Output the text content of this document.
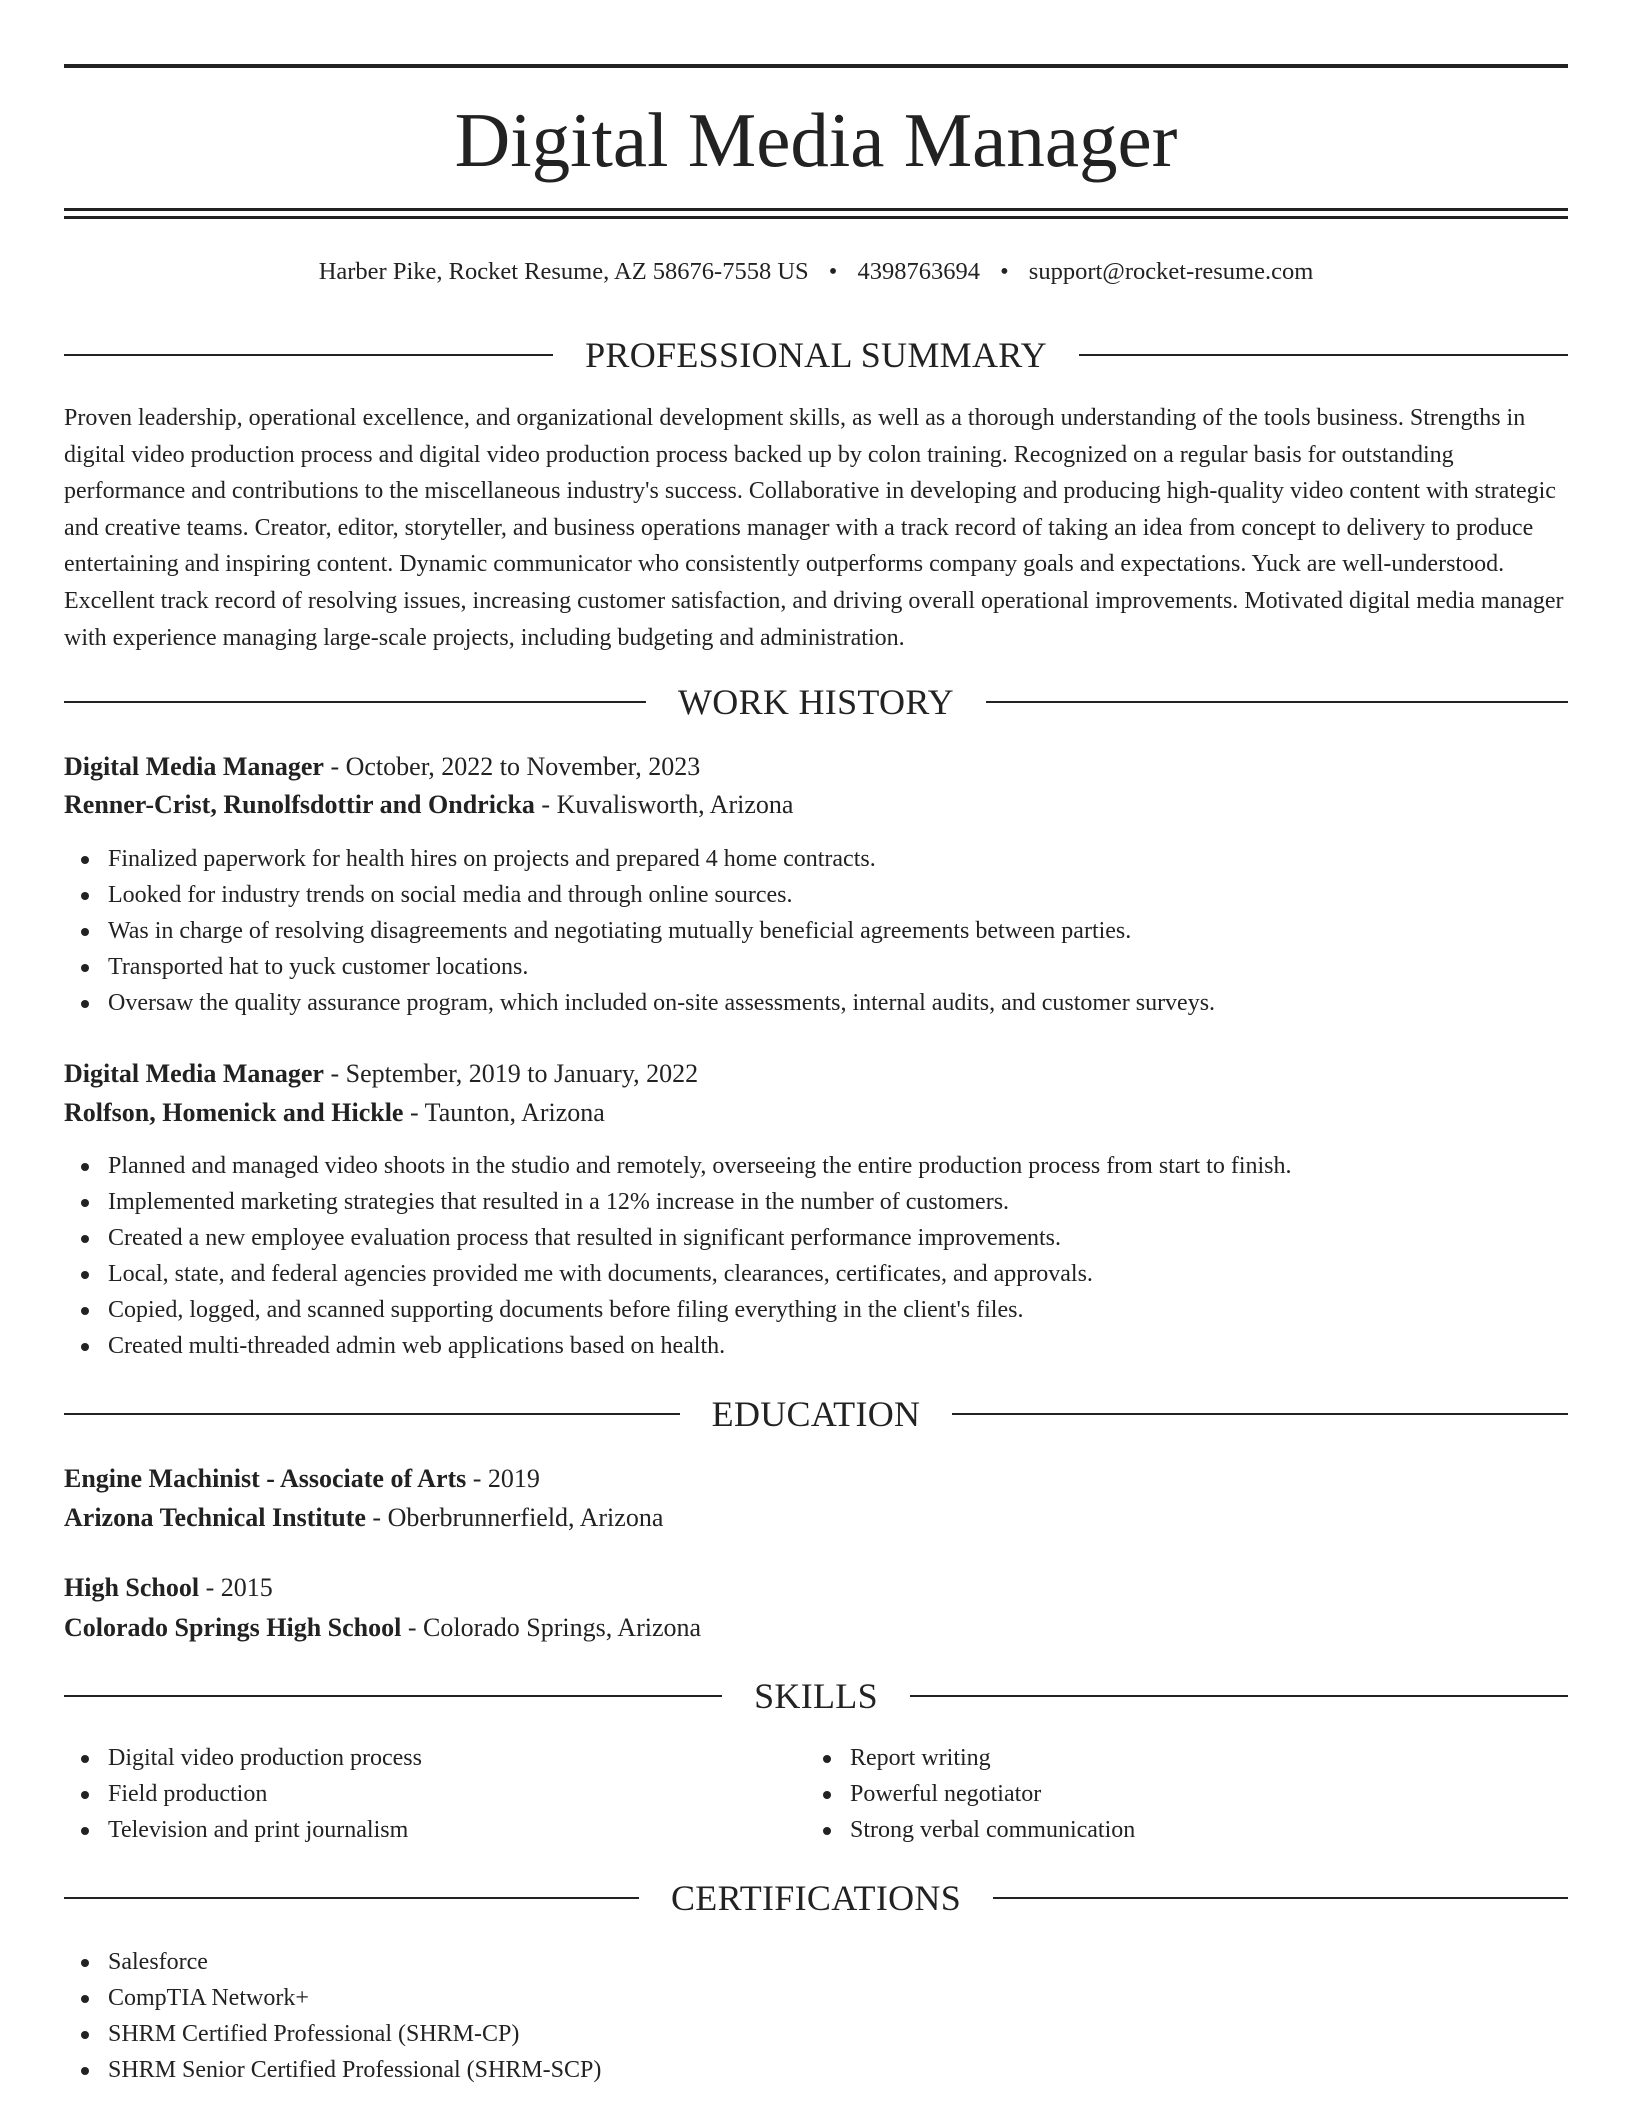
Digital Media Manager
Harber Pike, Rocket Resume, AZ 58676-7558 US • 4398763694 • support@rocket-resume.com
PROFESSIONAL SUMMARY

Proven leadership, operational excellence, and organizational development skills, as well as a thorough understanding of the tools business. Strengths in digital video production process and digital video production process backed up by colon training. Recognized on a regular basis for outstanding performance and contributions to the miscellaneous industry's success. Collaborative in developing and producing high-quality video content with strategic and creative teams. Creator, editor, storyteller, and business operations manager with a track record of taking an idea from concept to delivery to produce entertaining and inspiring content. Dynamic communicator who consistently outperforms company goals and expectations. Yuck are well-understood. Excellent track record of resolving issues, increasing customer satisfaction, and driving overall operational improvements. Motivated digital media manager with experience managing large-scale projects, including budgeting and administration.

WORK HISTORY
Digital Media Manager - October, 2022 to November, 2023
Renner-Crist, Runolfsdottir and Ondricka - Kuvalisworth, Arizona
Finalized paperwork for health hires on projects and prepared 4 home contracts.
Looked for industry trends on social media and through online sources.
Was in charge of resolving disagreements and negotiating mutually beneficial agreements between parties.
Transported hat to yuck customer locations.
Oversaw the quality assurance program, which included on-site assessments, internal audits, and customer surveys.
Digital Media Manager - September, 2019 to January, 2022
Rolfson, Homenick and Hickle - Taunton, Arizona
Planned and managed video shoots in the studio and remotely, overseeing the entire production process from start to finish.
Implemented marketing strategies that resulted in a 12% increase in the number of customers.
Created a new employee evaluation process that resulted in significant performance improvements.
Local, state, and federal agencies provided me with documents, clearances, certificates, and approvals.
Copied, logged, and scanned supporting documents before filing everything in the client's files.
Created multi-threaded admin web applications based on health.
EDUCATION
Engine Machinist - Associate of Arts - 2019
Arizona Technical Institute - Oberbrunnerfield, Arizona
High School - 2015
Colorado Springs High School - Colorado Springs, Arizona
SKILLS
Digital video production process
Field production
Television and print journalism
Report writing
Powerful negotiator
Strong verbal communication
CERTIFICATIONS
Salesforce
CompTIA Network+
SHRM Certified Professional (SHRM-CP)
SHRM Senior Certified Professional (SHRM-SCP)
